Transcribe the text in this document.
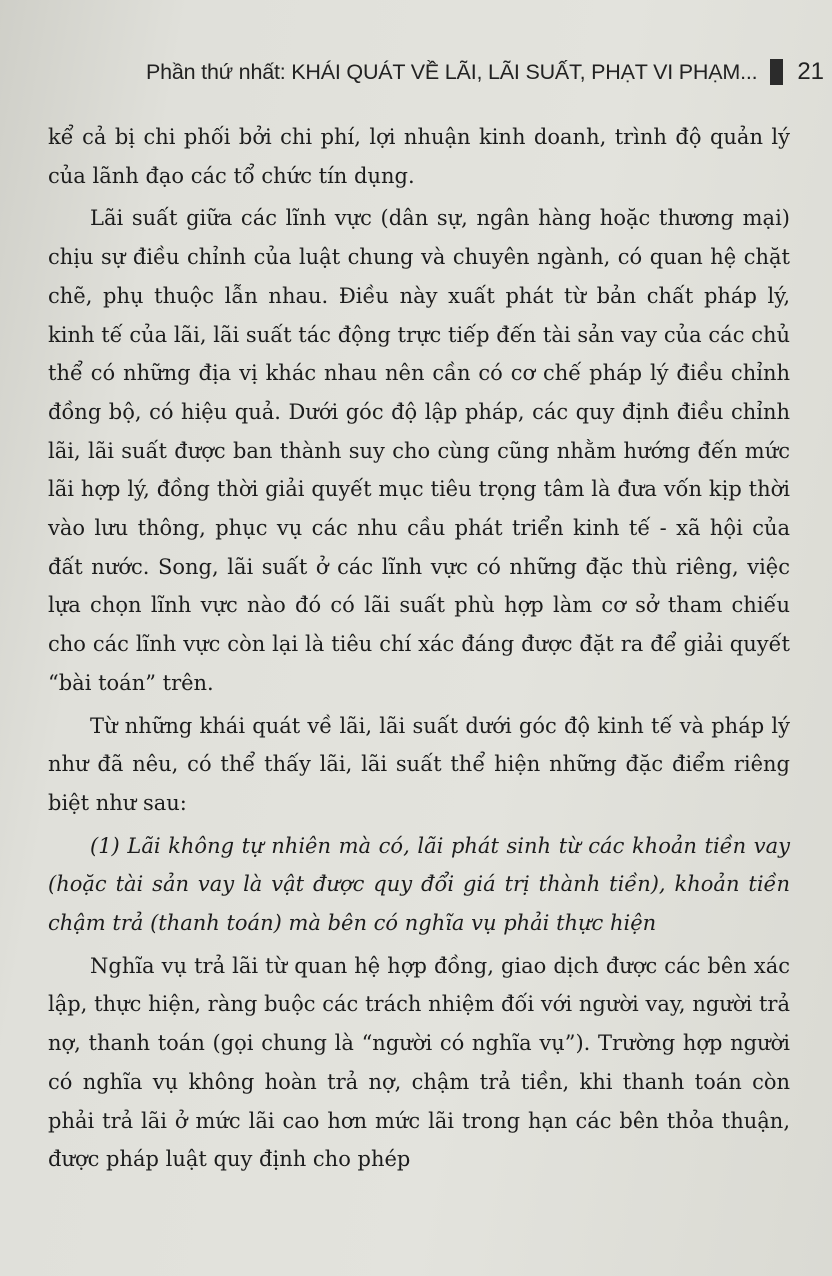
Phần thứ nhất: KHÁI QUÁT VỀ LÃI, LÃI SUẤT, PHẠT VI PHẠM... 21

kể cả bị chi phối bởi chi phí, lợi nhuận kinh doanh, trình độ quản lý của lãnh đạo các tổ chức tín dụng.

Lãi suất giữa các lĩnh vực (dân sự, ngân hàng hoặc thương mại) chịu sự điều chỉnh của luật chung và chuyên ngành, có quan hệ chặt chẽ, phụ thuộc lẫn nhau. Điều này xuất phát từ bản chất pháp lý, kinh tế của lãi, lãi suất tác động trực tiếp đến tài sản vay của các chủ thể có những địa vị khác nhau nên cần có cơ chế pháp lý điều chỉnh đồng bộ, có hiệu quả. Dưới góc độ lập pháp, các quy định điều chỉnh lãi, lãi suất được ban thành suy cho cùng cũng nhằm hướng đến mức lãi hợp lý, đồng thời giải quyết mục tiêu trọng tâm là đưa vốn kịp thời vào lưu thông, phục vụ các nhu cầu phát triển kinh tế - xã hội của đất nước. Song, lãi suất ở các lĩnh vực có những đặc thù riêng, việc lựa chọn lĩnh vực nào đó có lãi suất phù hợp làm cơ sở tham chiếu cho các lĩnh vực còn lại là tiêu chí xác đáng được đặt ra để giải quyết “bài toán” trên.

Từ những khái quát về lãi, lãi suất dưới góc độ kinh tế và pháp lý như đã nêu, có thể thấy lãi, lãi suất thể hiện những đặc điểm riêng biệt như sau:

(1) Lãi không tự nhiên mà có, lãi phát sinh từ các khoản tiền vay (hoặc tài sản vay là vật được quy đổi giá trị thành tiền), khoản tiền chậm trả (thanh toán) mà bên có nghĩa vụ phải thực hiện

Nghĩa vụ trả lãi từ quan hệ hợp đồng, giao dịch được các bên xác lập, thực hiện, ràng buộc các trách nhiệm đối với người vay, người trả nợ, thanh toán (gọi chung là “người có nghĩa vụ”). Trường hợp người có nghĩa vụ không hoàn trả nợ, chậm trả tiền, khi thanh toán còn phải trả lãi ở mức lãi cao hơn mức lãi trong hạn các bên thỏa thuận, được pháp luật quy định cho phép
